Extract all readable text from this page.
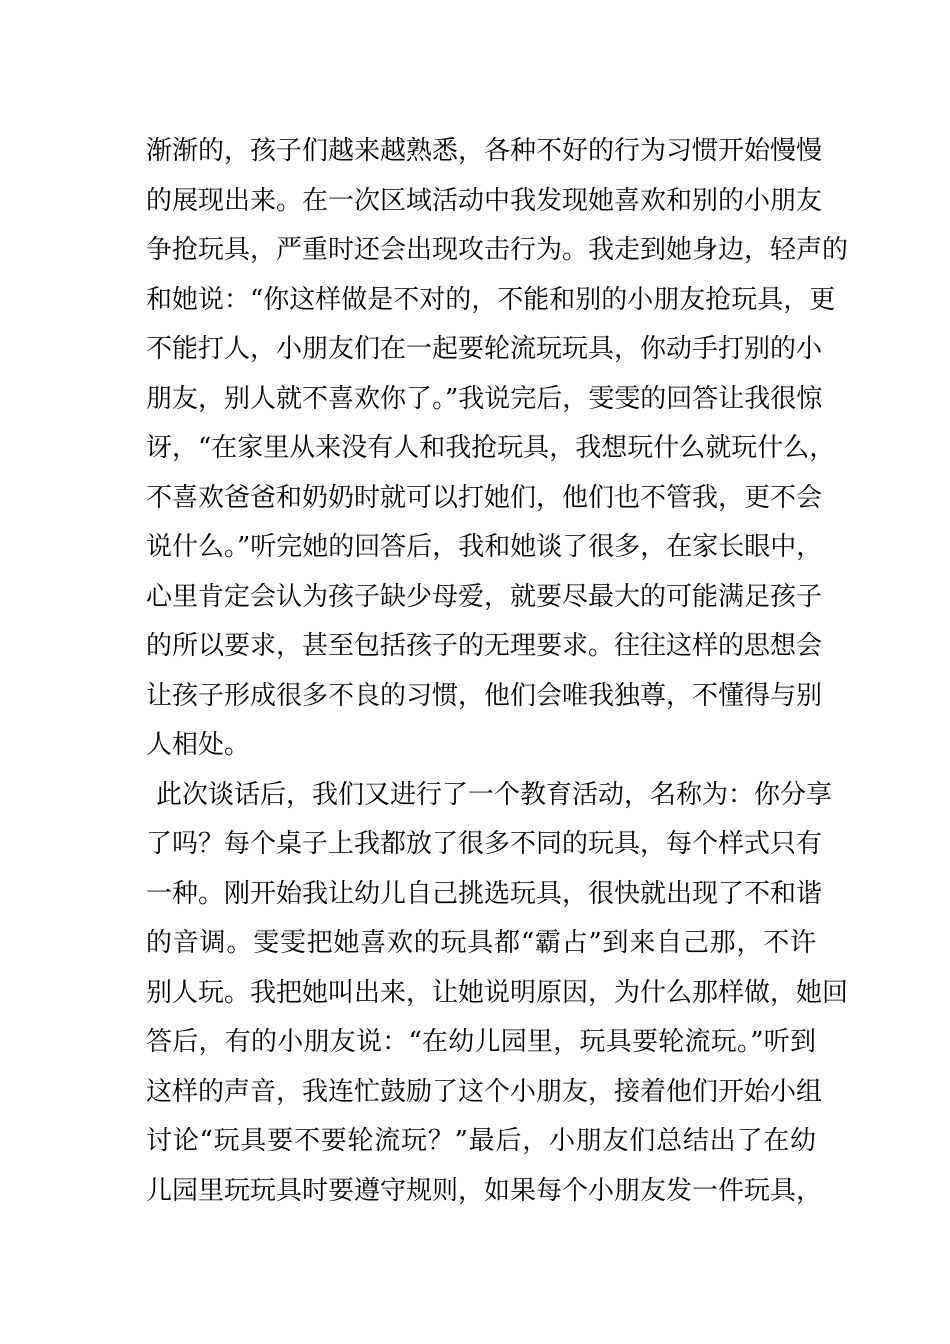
渐渐的，孩子们越来越熟悉，各种不好的行为习惯开始慢慢
的展现出来。在一次区域活动中我发现她喜欢和别的小朋友
争抢玩具，严重时还会出现攻击行为。我走到她身边，轻声的
和她说：“你这样做是不对的，不能和别的小朋友抢玩具，更
不能打人，小朋友们在一起要轮流玩玩具，你动手打别的小
朋友，别人就不喜欢你了。”我说完后，雯雯的回答让我很惊
讶，“在家里从来没有人和我抢玩具，我想玩什么就玩什么，
不喜欢爸爸和奶奶时就可以打她们，他们也不管我，更不会
说什么。”听完她的回答后，我和她谈了很多，在家长眼中，
心里肯定会认为孩子缺少母爱，就要尽最大的可能满足孩子
的所以要求，甚至包括孩子的无理要求。往往这样的思想会
让孩子形成很多不良的习惯，他们会唯我独尊，不懂得与别
人相处。
此次谈话后，我们又进行了一个教育活动，名称为：你分享
了吗？每个桌子上我都放了很多不同的玩具，每个样式只有
一种。刚开始我让幼儿自己挑选玩具，很快就出现了不和谐
的音调。雯雯把她喜欢的玩具都“霸占”到来自己那，不许
别人玩。我把她叫出来，让她说明原因，为什么那样做，她回
答后，有的小朋友说：“在幼儿园里，玩具要轮流玩。”听到
这样的声音，我连忙鼓励了这个小朋友，接着他们开始小组
讨论“玩具要不要轮流玩？”最后，小朋友们总结出了在幼
儿园里玩玩具时要遵守规则，如果每个小朋友发一件玩具，
